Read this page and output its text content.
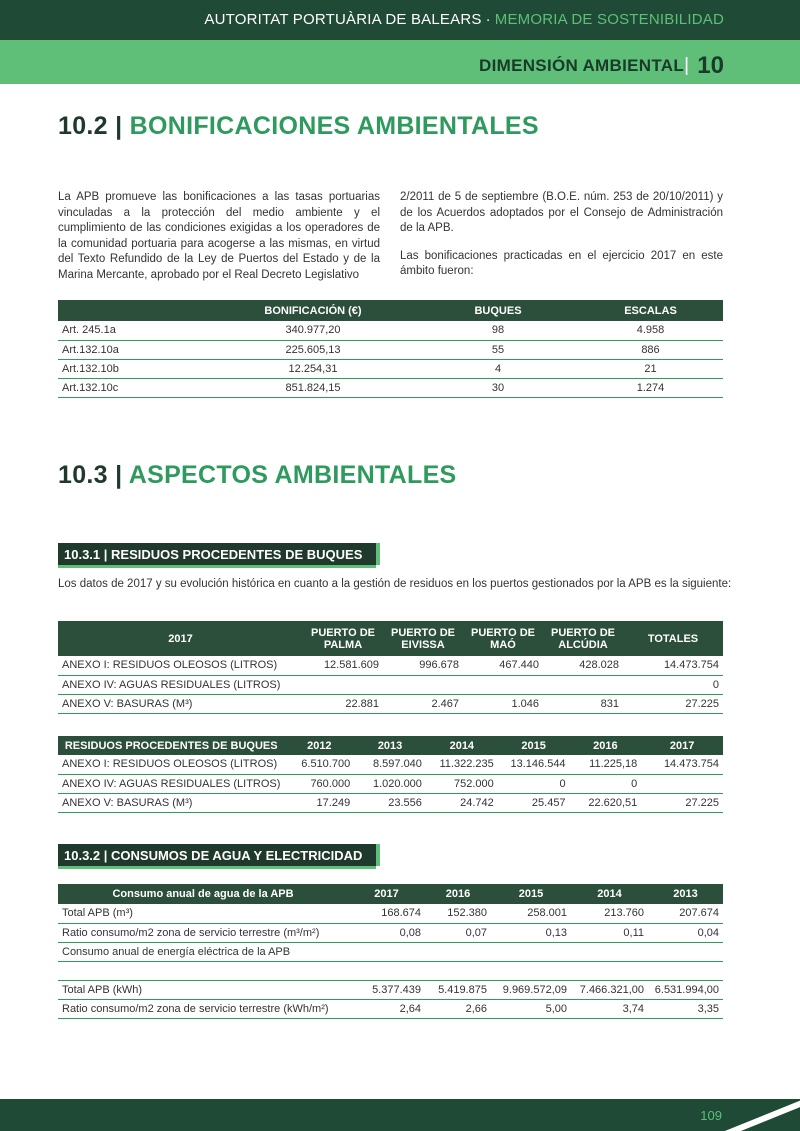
AUTORITAT PORTUÀRIA DE BALEARS · MEMORIA DE SOSTENIBILIDAD
DIMENSIÓN AMBIENTAL | 10
10.2 | BONIFICACIONES AMBIENTALES
La APB promueve las bonificaciones a las tasas portuarias vinculadas a la protección del medio ambiente y el cumplimiento de las condiciones exigidas a los operadores de la comunidad portuaria para acogerse a las mismas, en virtud del Texto Refundido de la Ley de Puertos del Estado y de la Marina Mercante, aprobado por el Real Decreto Legislativo

2/2011 de 5 de septiembre (B.O.E. núm. 253 de 20/10/2011) y de los Acuerdos adoptados por el Consejo de Administración de la APB.

Las bonificaciones practicadas en el ejercicio 2017 en este ámbito fueron:

	BONIFICACIÓN (€)	BUQUES	ESCALAS
Art. 245.1a	340.977,20	98	4.958
Art.132.10a	225.605,13	55	886
Art.132.10b	12.254,31	4	21
Art.132.10c	851.824,15	30	1.274
10.3 | ASPECTOS AMBIENTALES
10.3.1 | RESIDUOS PROCEDENTES DE BUQUES
Los datos de 2017 y su evolución histórica en cuanto a la gestión de residuos en los puertos gestionados por la APB es la siguiente:
2017	PUERTO DE PALMA	PUERTO DE EIVISSA	PUERTO DE MAÓ	PUERTO DE ALCÚDIA	TOTALES
ANEXO I: RESIDUOS OLEOSOS (LITROS)	12.581.609	996.678	467.440	428.028	14.473.754
ANEXO IV: AGUAS RESIDUALES (LITROS)					0
ANEXO V: BASURAS (M³)	22.881	2.467	1.046	831	27.225
RESIDUOS PROCEDENTES DE BUQUES	2012	2013	2014	2015	2016	2017
ANEXO I: RESIDUOS OLEOSOS (LITROS)	6.510.700	8.597.040	11.322.235	13.146.544	11.225,18	14.473.754
ANEXO IV: AGUAS RESIDUALES (LITROS)	760.000	1.020.000	752.000	0	0	
ANEXO V: BASURAS (M³)	17.249	23.556	24.742	25.457	22.620,51	27.225
10.3.2 | CONSUMOS DE AGUA Y ELECTRICIDAD
Consumo anual de agua de la APB	2017	2016	2015	2014	2013
Total APB (m³)	168.674	152.380	258.001	213.760	207.674
Ratio consumo/m2 zona de servicio terrestre (m³/m²)	0,08	0,07	0,13	0,11	0,04
Consumo anual de energía eléctrica de la APB					

Total APB (kWh)	5.377.439	5.419.875	9.969.572,09	7.466.321,00	6.531.994,00
Ratio consumo/m2 zona de servicio terrestre (kWh/m²)	2,64	2,66	5,00	3,74	3,35
109
